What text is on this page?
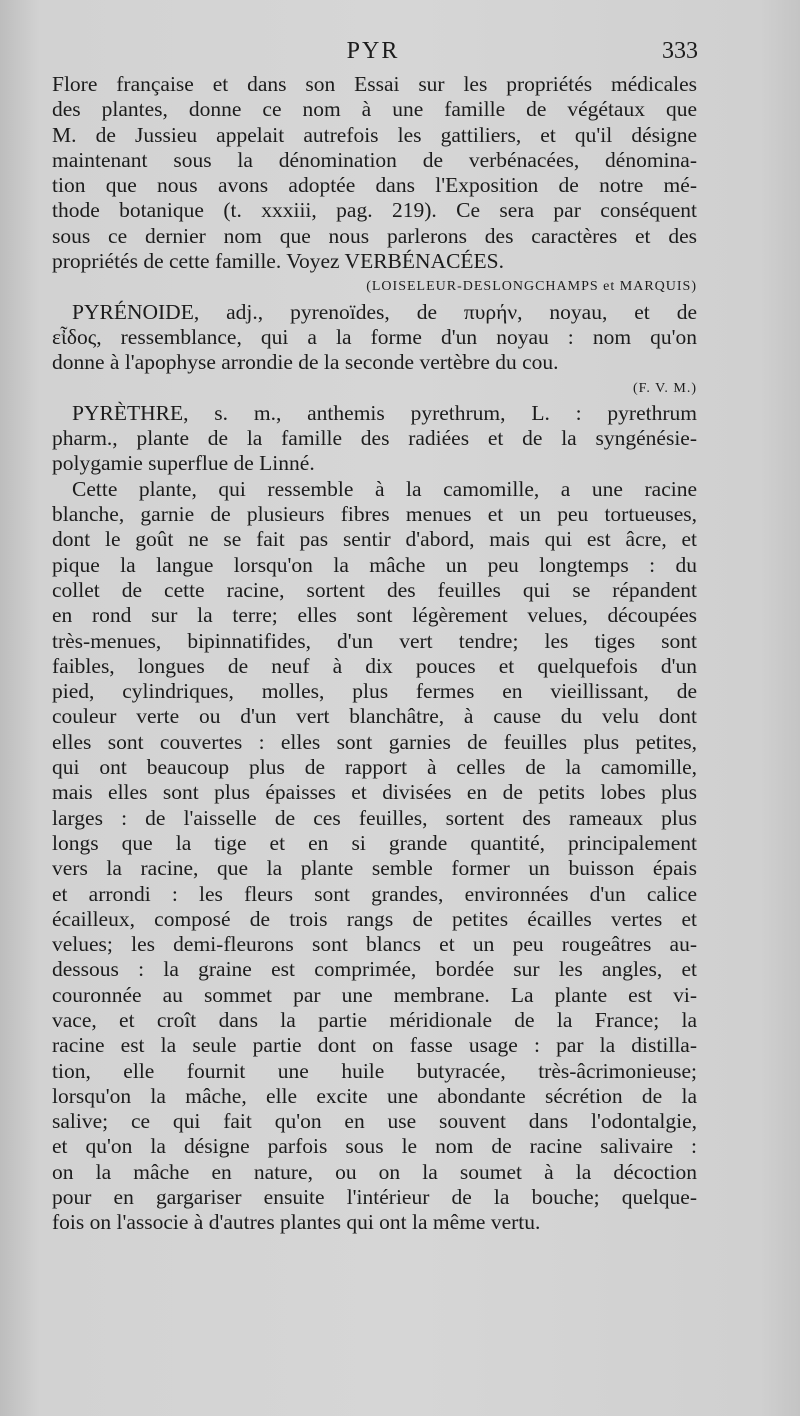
PYR	333
Flore française et dans son Essai sur les propriétés médicales
des plantes, donne ce nom à une famille de végétaux que
M. de Jussieu appelait autrefois les gattiliers, et qu'il désigne
maintenant sous la dénomination de verbénacées, dénomina-
tion que nous avons adoptée dans l'Exposition de notre mé-
thode botanique (t. xxxiii, pag. 219). Ce sera par conséquent
sous ce dernier nom que nous parlerons des caractères et des
propriétés de cette famille. Voyez VERBÉNACÉES.
(LOISELEUR-DESLONGCHAMPS et MARQUIS)
PYRÉNOIDE, adj., pyrenoïdes, de πυρήν, noyau, et de
εἶδος, ressemblance, qui a la forme d'un noyau : nom qu'on
donne à l'apophyse arrondie de la seconde vertèbre du cou.
(F. V. M.)
PYRÈTHRE, s. m., anthemis pyrethrum, L. : pyrethrum
pharm., plante de la famille des radiées et de la syngénésie-
polygamie superflue de Linné.
Cette plante, qui ressemble à la camomille, a une racine
blanche, garnie de plusieurs fibres menues et un peu tortueuses,
dont le goût ne se fait pas sentir d'abord, mais qui est âcre, et
pique la langue lorsqu'on la mâche un peu longtemps : du
collet de cette racine, sortent des feuilles qui se répandent
en rond sur la terre; elles sont légèrement velues, découpées
très-menues, bipinnatifides, d'un vert tendre; les tiges sont
faibles, longues de neuf à dix pouces et quelquefois d'un
pied, cylindriques, molles, plus fermes en vieillissant, de
couleur verte ou d'un vert blanchâtre, à cause du velu dont
elles sont couvertes : elles sont garnies de feuilles plus petites,
qui ont beaucoup plus de rapport à celles de la camomille,
mais elles sont plus épaisses et divisées en de petits lobes plus
larges : de l'aisselle de ces feuilles, sortent des rameaux plus
longs que la tige et en si grande quantité, principalement
vers la racine, que la plante semble former un buisson épais
et arrondi : les fleurs sont grandes, environnées d'un calice
écailleux, composé de trois rangs de petites écailles vertes et
velues; les demi-fleurons sont blancs et un peu rougeâtres au-
dessous : la graine est comprimée, bordée sur les angles, et
couronnée au sommet par une membrane. La plante est vi-
vace, et croît dans la partie méridionale de la France; la
racine est la seule partie dont on fasse usage : par la distilla-
tion, elle fournit une huile butyracée, très-âcrimonieuse;
lorsqu'on la mâche, elle excite une abondante sécrétion de la
salive; ce qui fait qu'on en use souvent dans l'odontalgie,
et qu'on la désigne parfois sous le nom de racine salivaire :
on la mâche en nature, ou on la soumet à la décoction
pour en gargariser ensuite l'intérieur de la bouche; quelque-
fois on l'associe à d'autres plantes qui ont la même vertu.
